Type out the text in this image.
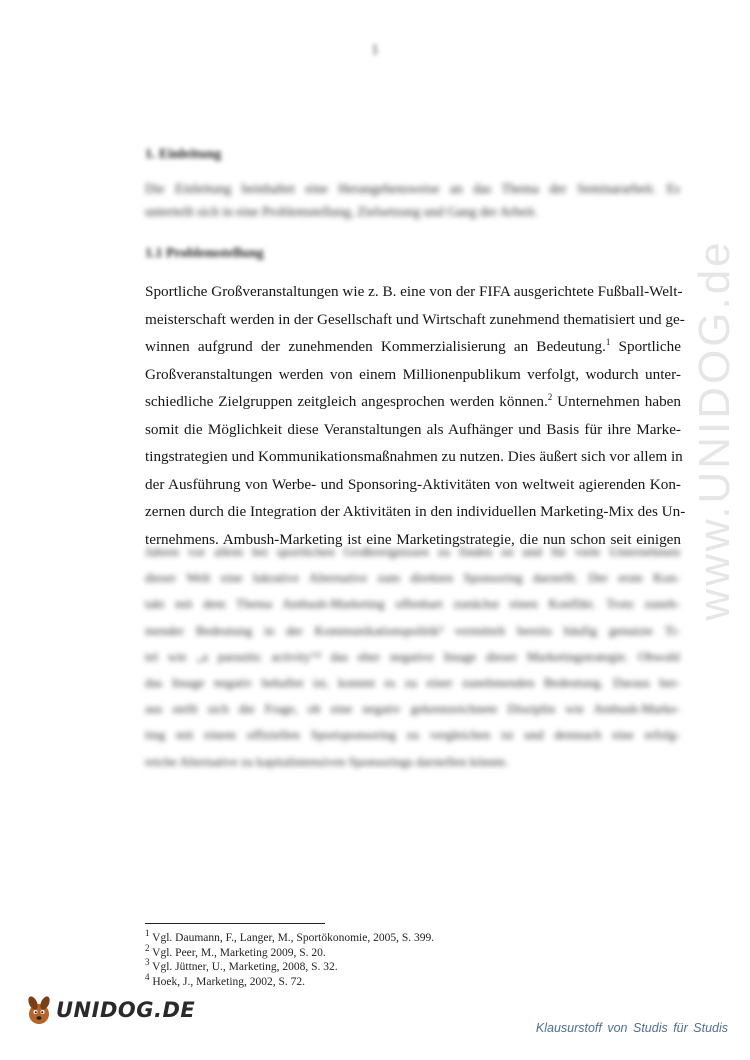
1
1. Einleitung
Die Einleitung beinhaltet eine Herangehensweise an das Thema der Seminararbeit. Es
unterteilt sich in eine Problemstellung, Zielsetzung und Gang der Arbeit.
1.1 Problemstellung
Sportliche Großveranstaltungen wie z. B. eine von der FIFA ausgerichtete Fußball-Welt-
meisterschaft werden in der Gesellschaft und Wirtschaft zunehmend thematisiert und ge-
winnen aufgrund der zunehmenden Kommerzialisierung an Bedeutung.$^1$ Sportliche
Großveranstaltungen werden von einem Millionenpublikum verfolgt, wodurch unter-
schiedliche Zielgruppen zeitgleich angesprochen werden können.$^2$ Unternehmen haben
somit die Möglichkeit diese Veranstaltungen als Aufhänger und Basis für ihre Marke-
tingstrategien und Kommunikationsmaßnahmen zu nutzen. Dies äußert sich vor allem in
der Ausführung von Werbe- und Sponsoring-Aktivitäten von weltweit agierenden Kon-
zernen durch die Integration der Aktivitäten in den individuellen Marketing-Mix des Un-
ternehmens. Ambush-Marketing ist eine Marketingstrategie, die nun schon seit einigen
Jahren vor allem bei sportlichen Großereignissen zu finden ist und für viele Unternehmen
dieser Welt eine lukrative Alternative zum direkten Sponsoring darstellt. Der erste Kon-
takt mit dem Thema Ambush-Marketing offenbart zunächst einen Konflikt. Trotz zuneh-
mender Bedeutung in der Kommunikationspolitik³ vermittelt bereits häufig genutzte Ti-
tel wie „a parasitic activity“⁴ das eher negative Image dieser Marketingstrategie. Obwohl
das Image negativ behaftet ist, kommt es zu einer zunehmenden Bedeutung. Daraus her-
aus stellt sich die Frage, ob eine negativ gekennzeichnete Disziplin wie Ambush-Marke-
ting mit einem offiziellen Sportsponsoring zu vergleichen ist und demnach eine erfolg-
reiche Alternative zu kapitalintensiven Sponsorings darstellen könnte.
www.UNIDOG.de
$^1$ Vgl. Daumann, F., Langer, M., Sportökonomie, 2005, S. 399.
$^2$ Vgl. Peer, M., Marketing 2009, S. 20.
$^3$ Vgl. Jüttner, U., Marketing, 2008, S. 32.
$^4$ Hoek, J., Marketing, 2002, S. 72.
UNIDOG.DE
Klausurstoff von Studis für Studis
